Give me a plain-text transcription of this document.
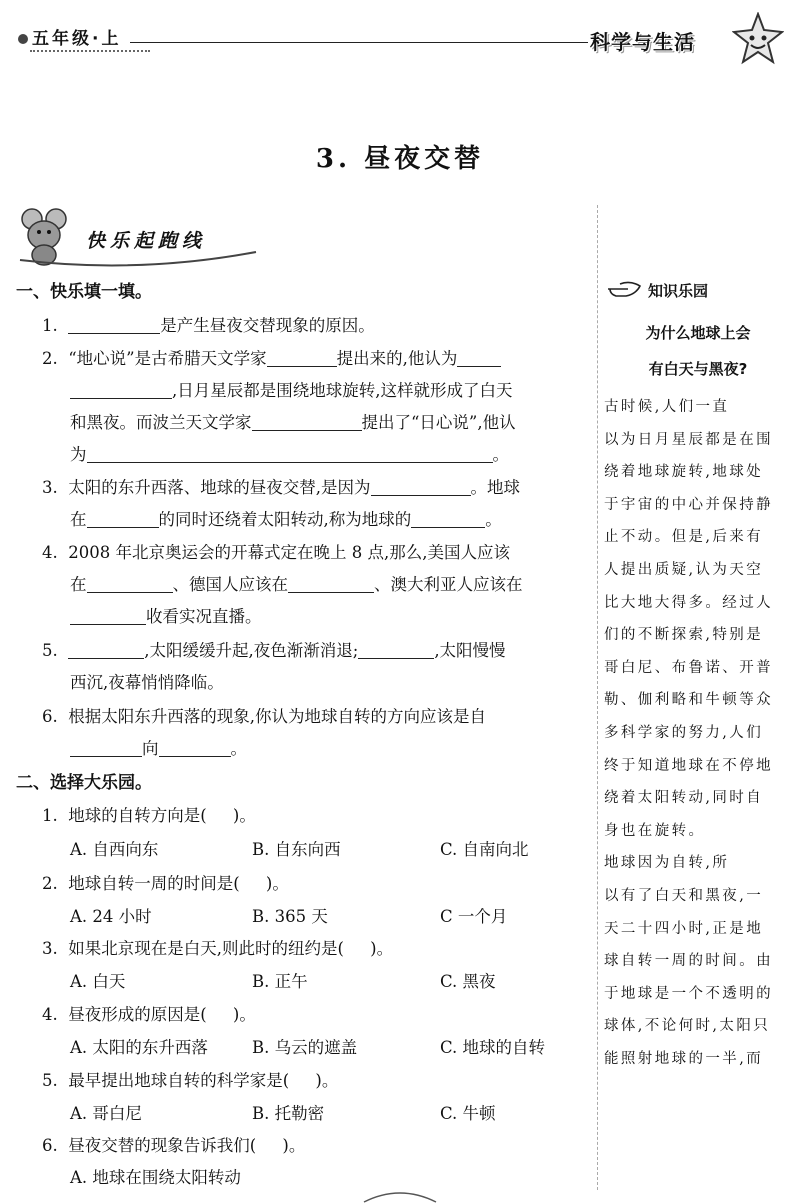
五年级·上	科学与生活
3. 昼夜交替
快乐起跑线
一、快乐填一填。
1.	是产生昼夜交替现象的原因。
2. “地心说”是古希腊天文学家	提出来的,他认为
,日月星辰都是围绕地球旋转,这样就形成了白天
和黑夜。而波兰天文学家	提出了“日心说”,他认
为	。
3. 太阳的东升西落、地球的昼夜交替,是因为	。地球
在	的同时还绕着太阳转动,称为地球的	。
4. 2008 年北京奥运会的开幕式定在晚上 8 点,那么,美国人应该
在	、德国人应该在	、澳大利亚人应该在
收看实况直播。
5.	,太阳缓缓升起,夜色渐渐消退;	,太阳慢慢
西沉,夜幕悄悄降临。
6. 根据太阳东升西落的现象,你认为地球自转的方向应该是自
向	。
二、选择大乐园。
1. 地球的自转方向是( )。
A. 自西向东	B. 自东向西	C. 自南向北
2. 地球自转一周的时间是( )。
A. 24 小时	B. 365 天	C 一个月
3. 如果北京现在是白天,则此时的纽约是( )。
A. 白天	B. 正午	C. 黑夜
4. 昼夜形成的原因是( )。
A. 太阳的东升西落	B. 乌云的遮盖	C. 地球的自转
5. 最早提出地球自转的科学家是( )。
A. 哥白尼	B. 托勒密	C. 牛顿
6. 昼夜交替的现象告诉我们( )。
A. 地球在围绕太阳转动
知识乐园
为什么地球上会
有白天与黑夜?
古时候,人们一直
以为日月星辰都是在围
绕着地球旋转,地球处
于宇宙的中心并保持静
止不动。但是,后来有
人提出质疑,认为天空
比大地大得多。经过人
们的不断探索,特别是
哥白尼、布鲁诺、开普
勒、伽利略和牛顿等众
多科学家的努力,人们
终于知道地球在不停地
绕着太阳转动,同时自
身也在旋转。
地球因为自转,所
以有了白天和黑夜,一
天二十四小时,正是地
球自转一周的时间。由
于地球是一个不透明的
球体,不论何时,太阳只
能照射地球的一半,而
